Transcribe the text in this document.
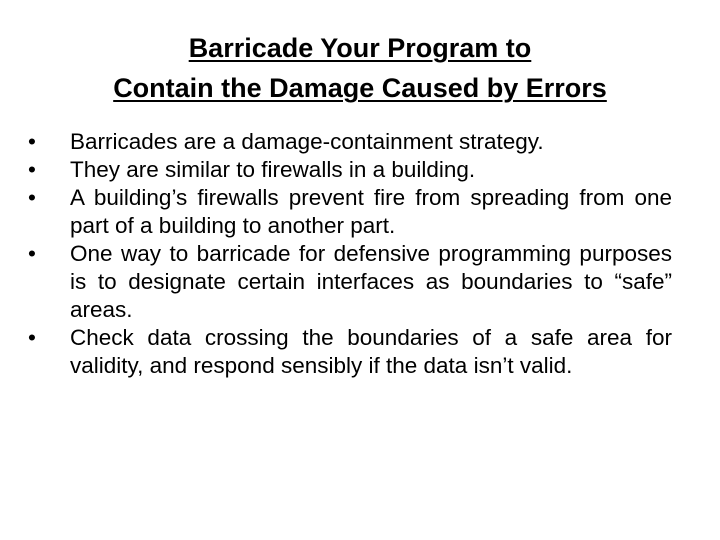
Barricade Your Program to
Contain the Damage Caused by Errors
•	Barricades are a damage-containment strategy.
•	They are similar to firewalls in a building.
•	A building’s firewalls prevent fire from spreading from one part of a building to another part.
•	One way to barricade for defensive programming purposes is to designate certain interfaces as boundaries to “safe” areas.
•	Check data crossing the boundaries of a safe area for validity, and respond sensibly if the data isn’t valid.
